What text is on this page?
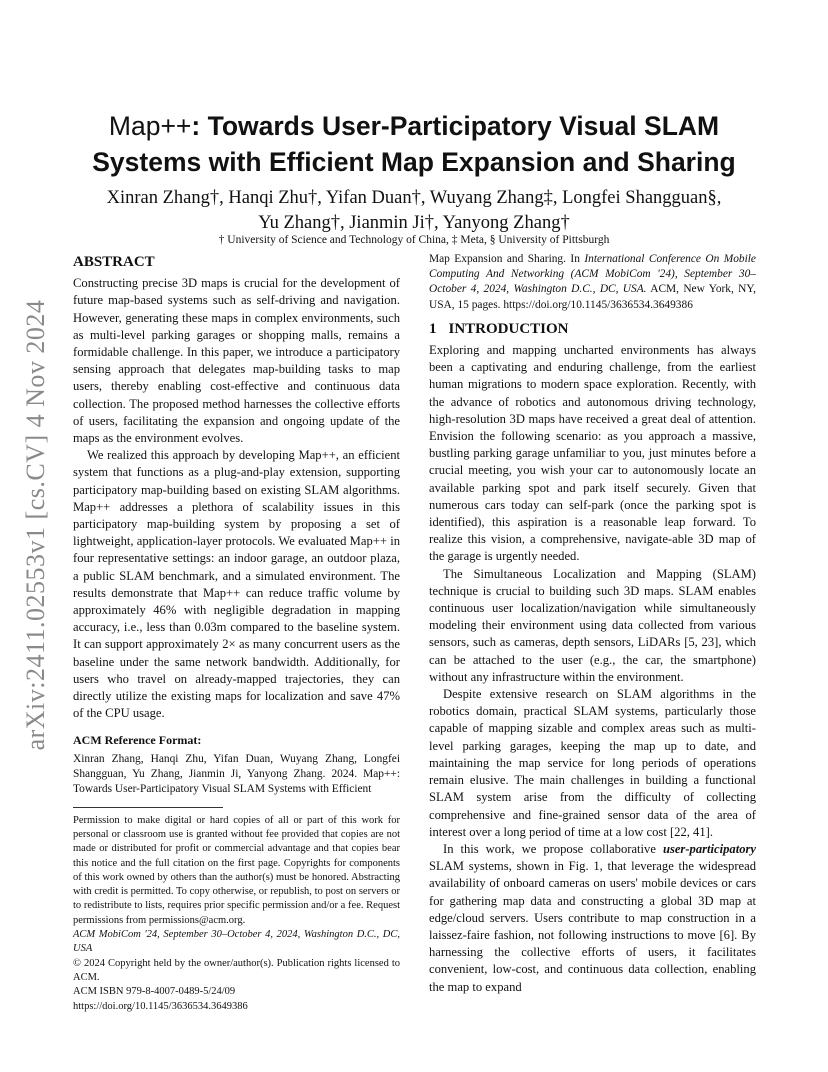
arXiv:2411.02553v1 [cs.CV] 4 Nov 2024
Map++: Towards User-Participatory Visual SLAM Systems with Efficient Map Expansion and Sharing
Xinran Zhang†, Hanqi Zhu†, Yifan Duan†, Wuyang Zhang‡, Longfei Shangguan§,
Yu Zhang†, Jianmin Ji†, Yanyong Zhang†
† University of Science and Technology of China, ‡ Meta, § University of Pittsburgh
ABSTRACT

Constructing precise 3D maps is crucial for the development of future map-based systems such as self-driving and navigation. However, generating these maps in complex environments, such as multi-level parking garages or shopping malls, remains a formidable challenge. In this paper, we introduce a participatory sensing approach that delegates map-building tasks to map users, thereby enabling cost-effective and continuous data collection. The proposed method harnesses the collective efforts of users, facilitating the expansion and ongoing update of the maps as the environment evolves.

We realized this approach by developing Map++, an efficient system that functions as a plug-and-play extension, supporting participatory map-building based on existing SLAM algorithms. Map++ addresses a plethora of scalability issues in this participatory map-building system by proposing a set of lightweight, application-layer protocols. We evaluated Map++ in four representative settings: an indoor garage, an outdoor plaza, a public SLAM benchmark, and a simulated environment. The results demonstrate that Map++ can reduce traffic volume by approximately 46% with negligible degradation in mapping accuracy, i.e., less than 0.03m compared to the baseline system. It can support approximately 2× as many concurrent users as the baseline under the same network bandwidth. Additionally, for users who travel on already-mapped trajectories, they can directly utilize the existing maps for localization and save 47% of the CPU usage.

ACM Reference Format:
Xinran Zhang, Hanqi Zhu, Yifan Duan, Wuyang Zhang, Longfei Shangguan, Yu Zhang, Jianmin Ji, Yanyong Zhang. 2024. Map++: Towards User-Participatory Visual SLAM Systems with Efficient
Permission to make digital or hard copies of all or part of this work for personal or classroom use is granted without fee provided that copies are not made or distributed for profit or commercial advantage and that copies bear this notice and the full citation on the first page. Copyrights for components of this work owned by others than the author(s) must be honored. Abstracting with credit is permitted. To copy otherwise, or republish, to post on servers or to redistribute to lists, requires prior specific permission and/or a fee. Request permissions from permissions@acm.org.
ACM MobiCom '24, September 30–October 4, 2024, Washington D.C., DC, USA
© 2024 Copyright held by the owner/author(s). Publication rights licensed to ACM.
ACM ISBN 979-8-4007-0489-5/24/09
https://doi.org/10.1145/3636534.3649386
Map Expansion and Sharing. In International Conference On Mobile Computing And Networking (ACM MobiCom '24), September 30–October 4, 2024, Washington D.C., DC, USA. ACM, New York, NY, USA, 15 pages. https://doi.org/10.1145/3636534.3649386
1 INTRODUCTION

Exploring and mapping uncharted environments has always been a captivating and enduring challenge, from the earliest human migrations to modern space exploration. Recently, with the advance of robotics and autonomous driving technology, high-resolution 3D maps have received a great deal of attention. Envision the following scenario: as you approach a massive, bustling parking garage unfamiliar to you, just minutes before a crucial meeting, you wish your car to autonomously locate an available parking spot and park itself securely. Given that numerous cars today can self-park (once the parking spot is identified), this aspiration is a reasonable leap forward. To realize this vision, a comprehensive, navigate-able 3D map of the garage is urgently needed.

The Simultaneous Localization and Mapping (SLAM) technique is crucial to building such 3D maps. SLAM enables continuous user localization/navigation while simultaneously modeling their environment using data collected from various sensors, such as cameras, depth sensors, LiDARs [5, 23], which can be attached to the user (e.g., the car, the smartphone) without any infrastructure within the environment.

Despite extensive research on SLAM algorithms in the robotics domain, practical SLAM systems, particularly those capable of mapping sizable and complex areas such as multi-level parking garages, keeping the map up to date, and maintaining the map service for long periods of operations remain elusive. The main challenges in building a functional SLAM system arise from the difficulty of collecting comprehensive and fine-grained sensor data of the area of interest over a long period of time at a low cost [22, 41].

In this work, we propose collaborative user-participatory SLAM systems, shown in Fig. 1, that leverage the widespread availability of onboard cameras on users' mobile devices or cars for gathering map data and constructing a global 3D map at edge/cloud servers. Users contribute to map construction in a laissez-faire fashion, not following instructions to move [6]. By harnessing the collective efforts of users, it facilitates convenient, low-cost, and continuous data collection, enabling the map to expand
